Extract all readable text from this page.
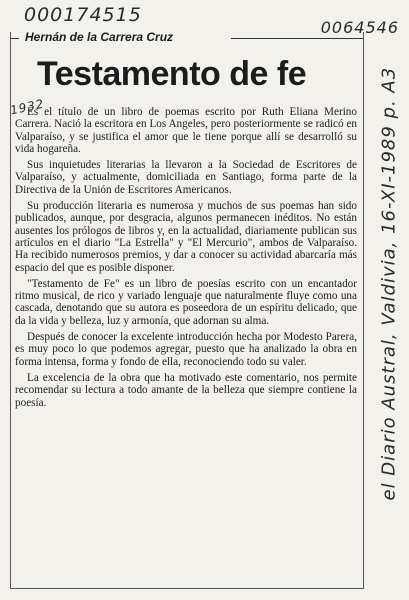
000174515
0064546
1932	el Diario Austral, Valdivia, 16-XI-1989 p. A3
Hernán de la Carrera Cruz
Testamento de fe

Es el título de un libro de poemas escrito por Ruth Eliana Merino Carrera. Nació la escritora en Los Angeles, pero posteriormente se radicó en Valparaíso, y se justifica el amor que le tiene porque allí se desarrolló su vida hogareña.

Sus inquietudes literarias la llevaron a la Sociedad de Escritores de Valparaíso, y actualmente, domiciliada en Santiago, forma parte de la Directiva de la Unión de Escritores Americanos.

Su producción literaria es numerosa y muchos de sus poemas han sido publicados, aunque, por desgracia, algunos permanecen inéditos. No están ausentes los prólogos de libros y, en la actualidad, diariamente publican sus artículos en el diario "La Estrella" y "El Mercurio", ambos de Valparaíso. Ha recibido numerosos premios, y dar a conocer su actividad abarcaría más espacio del que es posible disponer.

"Testamento de Fe" es un libro de poesías escrito con un encantador ritmo musical, de rico y variado lenguaje que naturalmente fluye como una cascada, denotando que su autora es poseedora de un espíritu delicado, que da la vida y belleza, luz y armonía, que adornan su alma.

Después de conocer la excelente introducción hecha por Modesto Parera, es muy poco lo que podemos agregar, puesto que ha analizado la obra en forma intensa, forma y fondo de ella, reconociendo todo su valer.

La excelencia de la obra que ha motivado este comentario, nos permite recomendar su lectura a todo amante de la belleza que siempre contiene la poesía.
